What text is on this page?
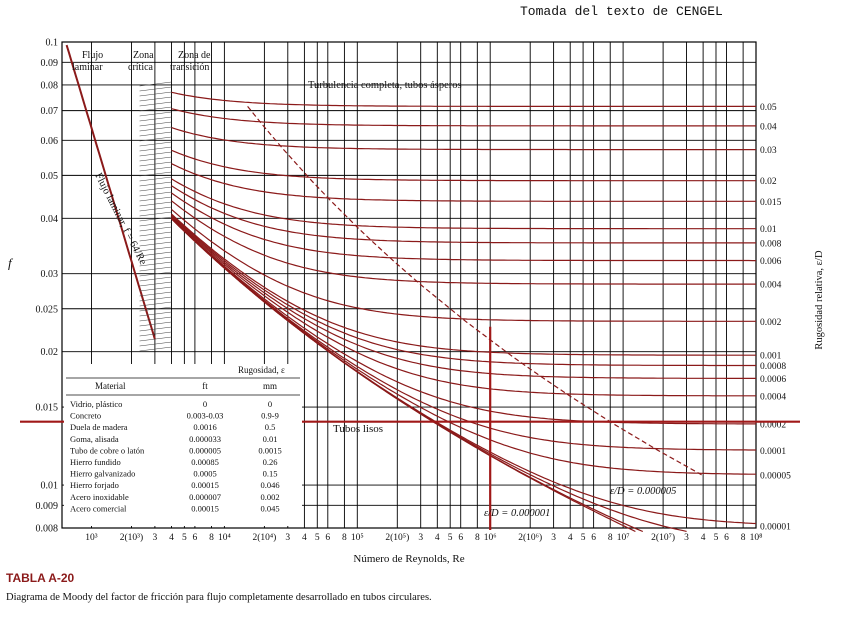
Tomada del texto de CENGEL
10³ 2(10³) 3 4 5 6 8 10⁴ 2(10⁴) 3 4 5 6 8 10⁵ 2(10⁵) 3 4 5 6 8 10⁶ 2(10⁶) 3 4 5 6 8 10⁷ 2(10⁷) 3 4 5 6 8 10⁸
Número de Reynolds, Re
0.1
0.09
0.08
0.07
0.06
0.05
0.04
0.03
0.025
0.02
0.015
0.01
0.009
0.008
f
0.05
0.04
0.03
0.02
0.015
0.01
0.008
0.006
0.004
0.002
0.001
0.0008
0.0006
0.0004
0.0002
0.0001
0.00005
0.00001
Rugosidad relativa, ε/D
Flujo
laminar
Zona
crítica
Zona de
transición
Turbulencia completa, tubos ásperos
Flujo laminar, f = 64/Re
Tubos lisos
ε/D = 0.000005
ε/D = 0.000001
Rugosidad, ε
Material	ft	mm
Vidrio, plástico	0	0
Concreto	0.003-0.03	0.9-9
Duela de madera	0.0016	0.5
Goma, alisada	0.000033	0.01
Tubo de cobre o latón	0.000005	0.0015
Hierro fundido	0.00085	0.26
Hierro galvanizado	0.0005	0.15
Hierro forjado	0.00015	0.046
Acero inoxidable	0.000007	0.002
Acero comercial	0.00015	0.045
TABLA A-20
Diagrama de Moody del factor de fricción para flujo completamente desarrollado en tubos circulares.
